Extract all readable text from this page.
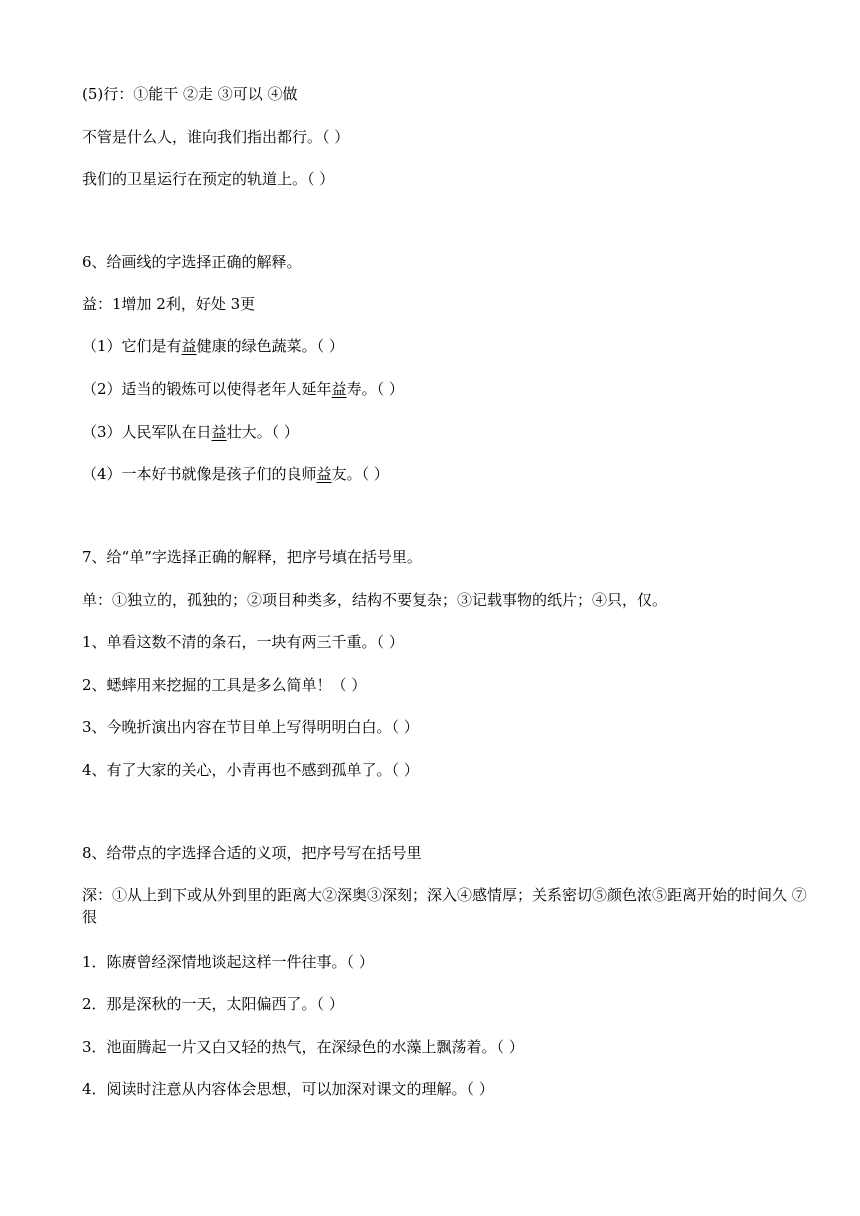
(5)行：①能干 ②走 ③可以 ④做
不管是什么人，谁向我们指出都行。（ ）
我们的卫星运行在预定的轨道上。（ ）
6、给画线的字选择正确的解释。
益：1增加 2利，好处 3更
（1）它们是有益健康的绿色蔬菜。（ ）
（2）适当的锻炼可以使得老年人延年益寿。（ ）
（3）人民军队在日益壮大。（ ）
（4）一本好书就像是孩子们的良师益友。（ ）
7、给“单”字选择正确的解释，把序号填在括号里。
单：①独立的，孤独的；②项目种类多，结构不要复杂；③记载事物的纸片；④只，仅。
1、单看这数不清的条石，一块有两三千重。（ ）
2、蟋蟀用来挖掘的工具是多么简单！（ ）
3、今晚折演出内容在节目单上写得明明白白。（ ）
4、有了大家的关心，小青再也不感到孤单了。（ ）
8、给带点的字选择合适的义项，把序号写在括号里
深：①从上到下或从外到里的距离大②深奥③深刻；深入④感情厚；关系密切⑤颜色浓⑤距离开始的时间久 ⑦很
1．陈赓曾经深情地谈起这样一件往事。（ ）
2．那是深秋的一天，太阳偏西了。（ ）
3．池面腾起一片又白又轻的热气，在深绿色的水藻上飘荡着。（ ）
4．阅读时注意从内容体会思想，可以加深对课文的理解。（ ）
